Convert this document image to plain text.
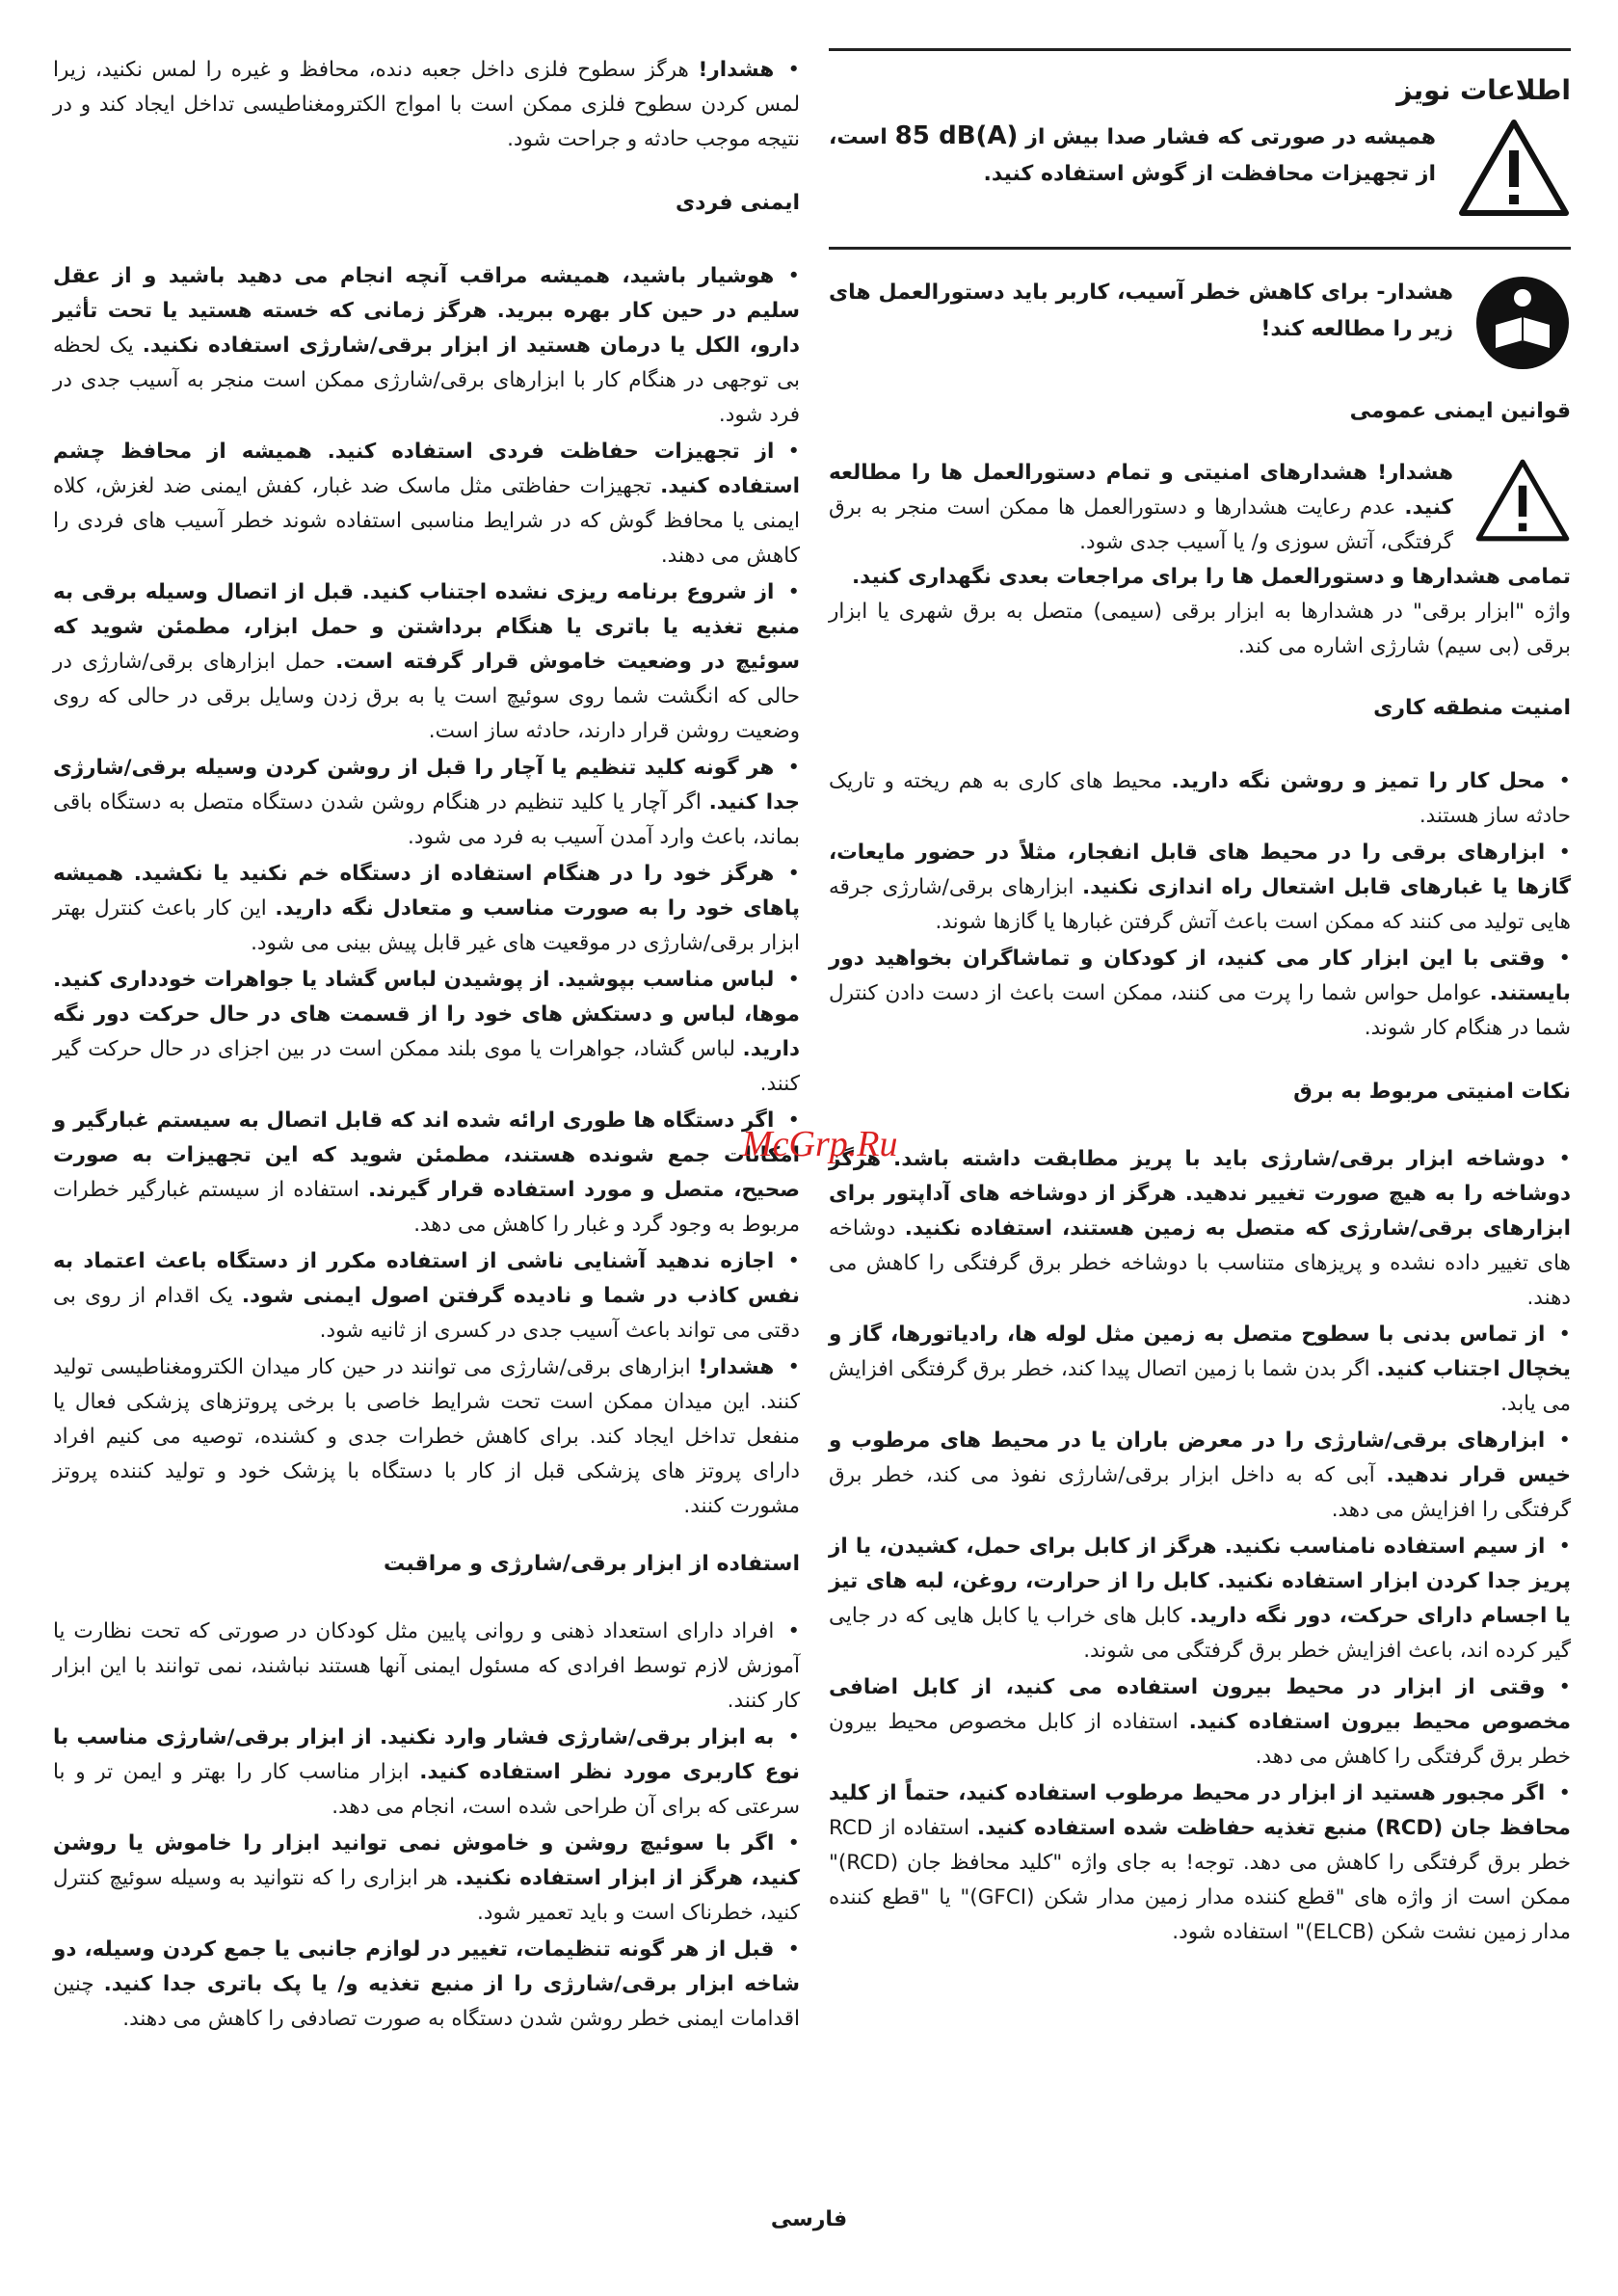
اطلاعات نویز
همیشه در صورتی که فشار صدا بیش از 85 dB(A) است، از تجهیزات محافظت از گوش استفاده کنید.
هشدار- برای کاهش خطر آسیب، کاربر باید دستورالعمل های زیر را مطالعه کند!
قوانین ایمنی عمومی
هشدار! هشدارهای امنیتی و تمام دستورالعمل ها را مطالعه کنید. عدم رعایت هشدارها و دستورالعمل ها ممکن است منجر به برق گرفتگی، آتش سوزی و/ یا آسیب جدی شود.

تمامی هشدارها و دستورالعمل ها را برای مراجعات بعدی نگهداری کنید.

واژه "ابزار برقی" در هشدارها به ابزار برقی (سیمی) متصل به برق شهری یا ابزار برقی (بی سیم) شارژی اشاره می کند.

امنیت منطقه کاری

• محل کار را تمیز و روشن نگه دارید. محیط های کاری به هم ریخته و تاریک حادثه ساز هستند.

• ابزارهای برقی را در محیط های قابل انفجار، مثلاً در حضور مایعات، گازها یا غبارهای قابل اشتعال راه اندازی نکنید. ابزارهای برقی/شارژی جرقه هایی تولید می کنند که ممکن است باعث آتش گرفتن غبارها یا گازها شوند.

• وقتی با این ابزار کار می کنید، از کودکان و تماشاگران بخواهید دور بایستند. عوامل حواس شما را پرت می کنند، ممکن است باعث از دست دادن کنترل شما در هنگام کار شوند.

نکات امنیتی مربوط به برق

• دوشاخه ابزار برقی/شارژی باید با پریز مطابقت داشته باشد. هرگز دوشاخه را به هیچ صورت تغییر ندهید. هرگز از دوشاخه های آداپتور برای ابزارهای برقی/شارژی که متصل به زمین هستند، استفاده نکنید. دوشاخه های تغییر داده نشده و پریزهای متناسب با دوشاخه خطر برق گرفتگی را کاهش می دهند.

• از تماس بدنی با سطوح متصل به زمین مثل لوله ها، رادیاتورها، گاز و یخچال اجتناب کنید. اگر بدن شما با زمین اتصال پیدا کند، خطر برق گرفتگی افزایش می یابد.

• ابزارهای برقی/شارژی را در معرض باران یا در محیط های مرطوب و خیس قرار ندهید. آبی که به داخل ابزار برقی/شارژی نفوذ می کند، خطر برق گرفتگی را افزایش می دهد.

• از سیم استفاده نامناسب نکنید. هرگز از کابل برای حمل، کشیدن، یا از پریز جدا کردن ابزار استفاده نکنید. کابل را از حرارت، روغن، لبه های تیز یا اجسام دارای حرکت، دور نگه دارید. کابل های خراب یا کابل هایی که در جایی گیر کرده اند، باعث افزایش خطر برق گرفتگی می شوند.

• وقتی از ابزار در محیط بیرون استفاده می کنید، از کابل اضافی مخصوص محیط بیرون استفاده کنید. استفاده از کابل مخصوص محیط بیرون خطر برق گرفتگی را کاهش می دهد.

• اگر مجبور هستید از ابزار در محیط مرطوب استفاده کنید، حتماً از کلید محافظ جان (RCD) منبع تغذیه حفاظت شده استفاده کنید. استفاده از RCD خطر برق گرفتگی را کاهش می دهد. توجه! به جای واژه "کلید محافظ جان (RCD)" ممکن است از واژه های "قطع کننده مدار زمین مدار شکن (GFCI)" یا "قطع کننده مدار زمین نشت شکن (ELCB)" استفاده شود.

• هشدار! هرگز سطوح فلزی داخل جعبه دنده، محافظ و غیره را لمس نکنید، زیرا لمس کردن سطوح فلزی ممکن است با امواج الکترومغناطیسی تداخل ایجاد کند و در نتیجه موجب حادثه و جراحت شود.

ایمنی فردی

• هوشیار باشید، همیشه مراقب آنچه انجام می دهید باشید و از عقل سلیم در حین کار بهره ببرید. هرگز زمانی که خسته هستید یا تحت تأثیر دارو، الکل یا درمان هستید از ابزار برقی/شارژی استفاده نکنید. یک لحظه بی توجهی در هنگام کار با ابزارهای برقی/شارژی ممکن است منجر به آسیب جدی در فرد شود.

• از تجهیزات حفاظت فردی استفاده کنید. همیشه از محافظ چشم استفاده کنید. تجهیزات حفاظتی مثل ماسک ضد غبار، کفش ایمنی ضد لغزش، کلاه ایمنی یا محافظ گوش که در شرایط مناسبی استفاده شوند خطر آسیب های فردی را کاهش می دهند.

• از شروع برنامه ریزی نشده اجتناب کنید. قبل از اتصال وسیله برقی به منبع تغذیه یا باتری یا هنگام برداشتن و حمل ابزار، مطمئن شوید که سوئیچ در وضعیت خاموش قرار گرفته است. حمل ابزارهای برقی/شارژی در حالی که انگشت شما روی سوئیچ است یا به برق زدن وسایل برقی در حالی که روی وضعیت روشن قرار دارند، حادثه ساز است.

• هر گونه کلید تنظیم یا آچار را قبل از روشن کردن وسیله برقی/شارژی جدا کنید. اگر آچار یا کلید تنظیم در هنگام روشن شدن دستگاه متصل به دستگاه باقی بماند، باعث وارد آمدن آسیب به فرد می شود.

• هرگز خود را در هنگام استفاده از دستگاه خم نکنید یا نکشید. همیشه پاهای خود را به صورت مناسب و متعادل نگه دارید. این کار باعث کنترل بهتر ابزار برقی/شارژی در موقعیت های غیر قابل پیش بینی می شود.

• لباس مناسب بپوشید. از پوشیدن لباس گشاد یا جواهرات خودداری کنید. موها، لباس و دستکش های خود را از قسمت های در حال حرکت دور نگه دارید. لباس گشاد، جواهرات یا موی بلند ممکن است در بین اجزای در حال حرکت گیر کنند.

• اگر دستگاه ها طوری ارائه شده اند که قابل اتصال به سیستم غبارگیر و امکانات جمع شونده هستند، مطمئن شوید که این تجهیزات به صورت صحیح، متصل و مورد استفاده قرار گیرند. استفاده از سیستم غبارگیر خطرات مربوط به وجود گرد و غبار را کاهش می دهد.

• اجازه ندهید آشنایی ناشی از استفاده مکرر از دستگاه باعث اعتماد به نفس کاذب در شما و نادیده گرفتن اصول ایمنی شود. یک اقدام از روی بی دقتی می تواند باعث آسیب جدی در کسری از ثانیه شود.

• هشدار! ابزارهای برقی/شارژی می توانند در حین کار میدان الکترومغناطیسی تولید کنند. این میدان ممکن است تحت شرایط خاصی با برخی پروتزهای پزشکی فعال یا منفعل تداخل ایجاد کند. برای کاهش خطرات جدی و کشنده، توصیه می کنیم افراد دارای پروتز های پزشکی قبل از کار با دستگاه با پزشک خود و تولید کننده پروتز مشورت کنند.

استفاده از ابزار برقی/شارژی و مراقبت

• افراد دارای استعداد ذهنی و روانی پایین مثل کودکان در صورتی که تحت نظارت یا آموزش لازم توسط افرادی که مسئول ایمنی آنها هستند نباشند، نمی توانند با این ابزار کار کنند.

• به ابزار برقی/شارژی فشار وارد نکنید. از ابزار برقی/شارژی مناسب با نوع کاربری مورد نظر استفاده کنید. ابزار مناسب کار را بهتر و ایمن تر و با سرعتی که برای آن طراحی شده است، انجام می دهد.

• اگر با سوئیچ روشن و خاموش نمی توانید ابزار را خاموش یا روشن کنید، هرگز از ابزار استفاده نکنید. هر ابزاری را که نتوانید به وسیله سوئیچ کنترل کنید، خطرناک است و باید تعمیر شود.

• قبل از هر گونه تنظیمات، تغییر در لوازم جانبی یا جمع کردن وسیله، دو شاخه ابزار برقی/شارژی را از منبع تغذیه و/ یا پک باتری جدا کنید. چنین اقدامات ایمنی خطر روشن شدن دستگاه به صورت تصادفی را کاهش می دهند.

McGrp.Ru
فارسی
